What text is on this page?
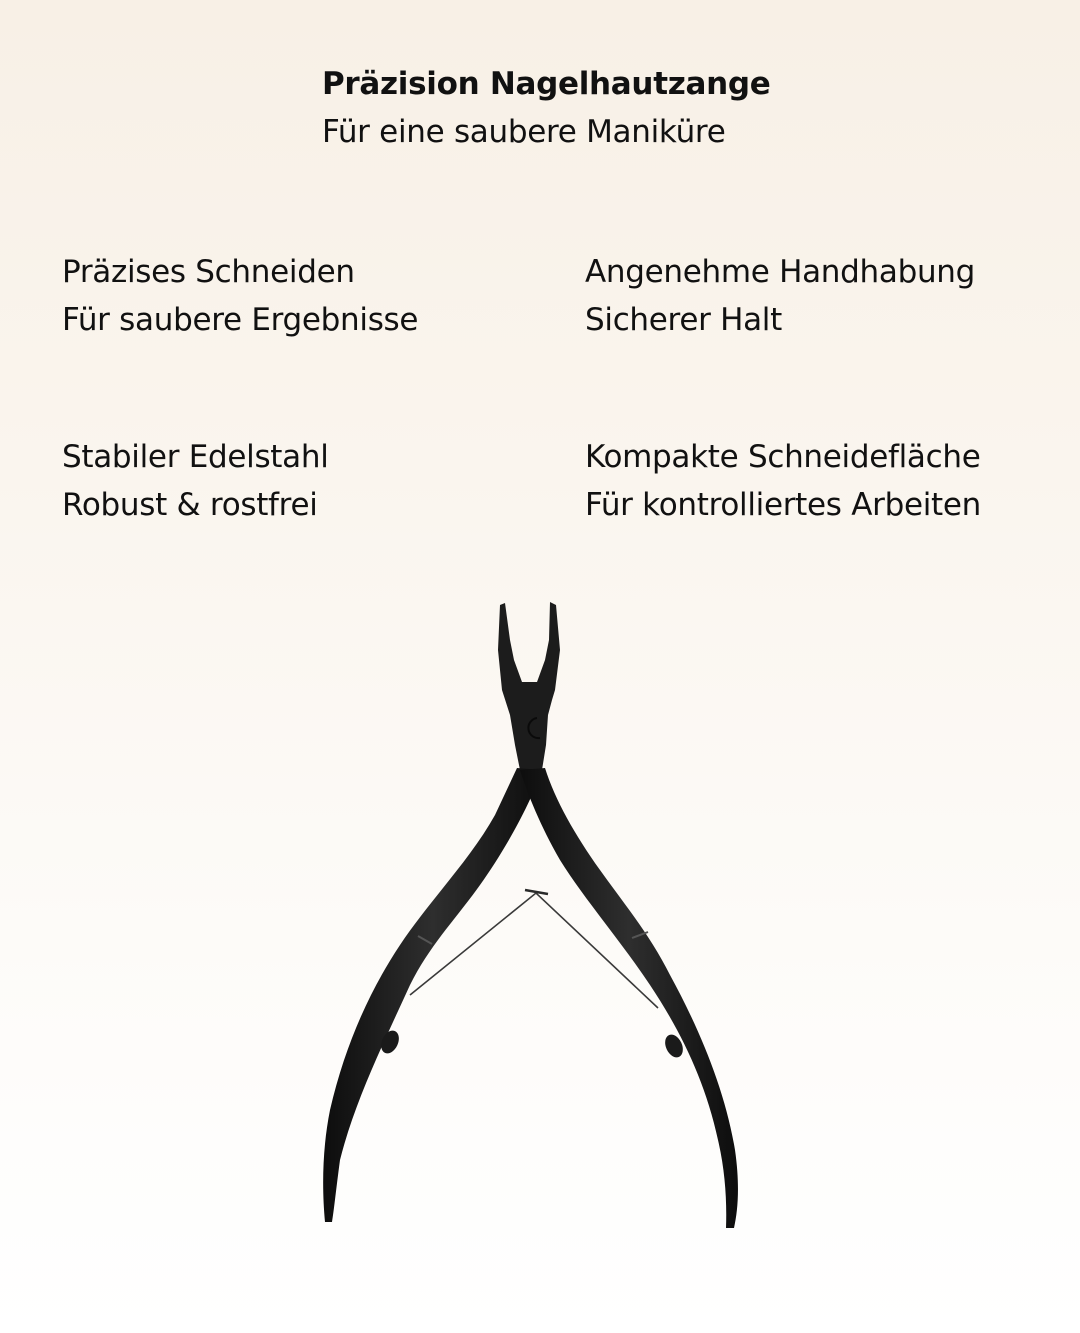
Präzision Nagelhautzange
Für eine saubere Maniküre
Präzises Schneiden
Für saubere Ergebnisse
Angenehme Handhabung
Sicherer Halt
Stabiler Edelstahl
Robust & rostfrei
Kompakte Schneidefläche
Für kontrolliertes Arbeiten
